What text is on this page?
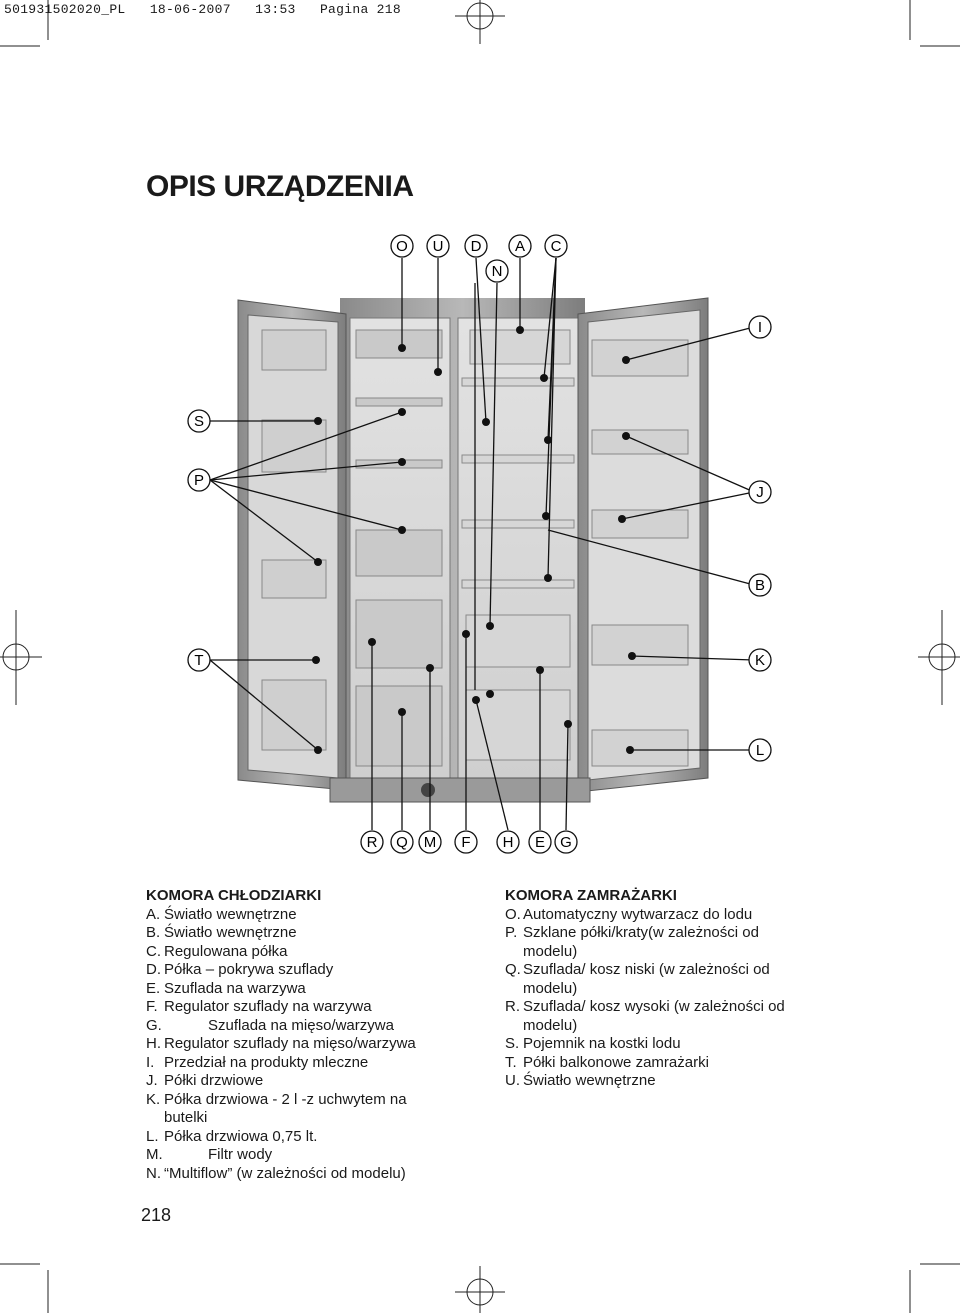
501931502020_PL   18-06-2007   13:53   Pagina 218
OPIS URZĄDZENIA
O U D A C
N
I
S
P
J
B
T	K
L
R Q M F H E G
KOMORA CHŁODZIARKI
A. Światło wewnętrzne
B. Światło wewnętrzne
C. Regulowana półka
D. Półka – pokrywa szuflady
E. Szuflada na warzywa
F. Regulator szuflady na warzywa
G.	Szuflada na mięso/warzywa
H. Regulator szuflady na mięso/warzywa
I. Przedział na produkty mleczne
J. Półki drzwiowe
K. Półka drzwiowa - 2 l -z uchwytem na butelki
L. Półka drzwiowa 0,75 lt.
M.	Filtr wody
N. “Multiflow” (w zależności od modelu)
KOMORA ZAMRAŻARKI
O. Automatyczny wytwarzacz do lodu
P. Szklane półki/kraty(w zależności od modelu)
Q. Szuflada/ kosz niski (w zależności od modelu)
R. Szuflada/ kosz wysoki (w zależności od modelu)
S. Pojemnik na kostki lodu
T. Półki balkonowe zamrażarki
U. Światło wewnętrzne
218
